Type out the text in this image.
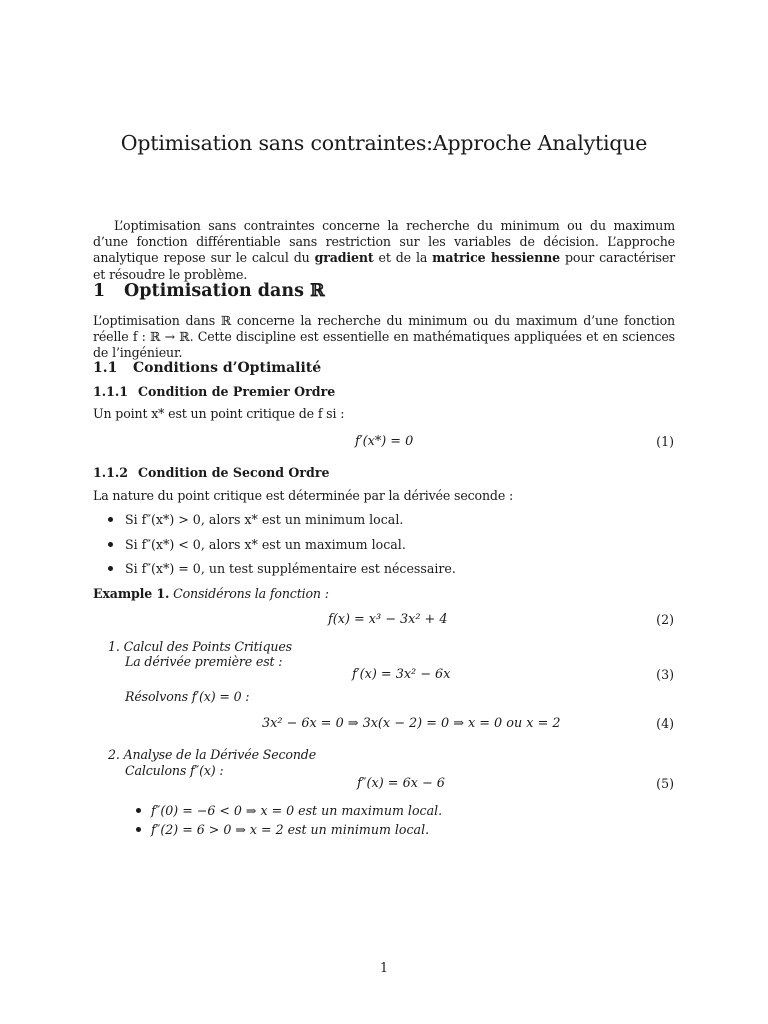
Optimisation sans contraintes:Approche Analytique
L’optimisation sans contraintes concerne la recherche du minimum ou du maximum d’une fonction différentiable sans restriction sur les variables de décision. L’approche analytique repose sur le calcul du gradient et de la matrice hessienne pour caractériser et résoudre le problème.
1 Optimisation dans ℝ
L’optimisation dans ℝ concerne la recherche du minimum ou du maximum d’une fonction réelle f : ℝ → ℝ. Cette discipline est essentielle en mathématiques appliquées et en sciences de l’ingénieur.
1.1 Conditions d’Optimalité
1.1.1 Condition de Premier Ordre
Un point x* est un point critique de f si :
f′(x*) = 0	(1)
1.1.2 Condition de Second Ordre
La nature du point critique est déterminée par la dérivée seconde :
Si f″(x*) > 0, alors x* est un minimum local.
Si f″(x*) < 0, alors x* est un maximum local.
Si f″(x*) = 0, un test supplémentaire est nécessaire.
Example 1. Considérons la fonction :
f(x) = x³ − 3x² + 4	(2)
1. Calcul des Points Critiques
La dérivée première est :
f′(x) = 3x² − 6x	(3)
Résolvons f′(x) = 0 :
3x² − 6x = 0 ⇒ 3x(x − 2) = 0 ⇒ x = 0 ou x = 2	(4)
2. Analyse de la Dérivée Seconde
Calculons f″(x) :
f″(x) = 6x − 6	(5)
f″(0) = −6 < 0 ⇒ x = 0 est un maximum local.
f″(2) = 6 > 0 ⇒ x = 2 est un minimum local.
1
